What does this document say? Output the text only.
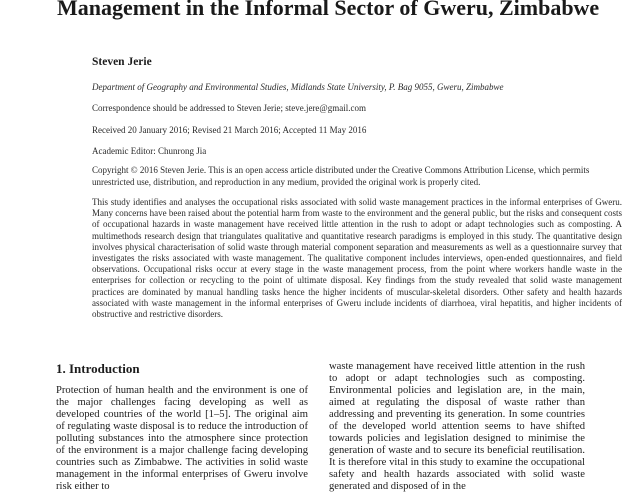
Management in the Informal Sector of Gweru, Zimbabwe
Steven Jerie
Department of Geography and Environmental Studies, Midlands State University, P. Bag 9055, Gweru, Zimbabwe
Correspondence should be addressed to Steven Jerie; steve.jere@gmail.com
Received 20 January 2016; Revised 21 March 2016; Accepted 11 May 2016
Academic Editor: Chunrong Jia
Copyright © 2016 Steven Jerie. This is an open access article distributed under the Creative Commons Attribution License, which permits unrestricted use, distribution, and reproduction in any medium, provided the original work is properly cited.
This study identifies and analyses the occupational risks associated with solid waste management practices in the informal enterprises of Gweru. Many concerns have been raised about the potential harm from waste to the environment and the general public, but the risks and consequent costs of occupational hazards in waste management have received little attention in the rush to adopt or adapt technologies such as composting. A multimethods research design that triangulates qualitative and quantitative research paradigms is employed in this study. The quantitative design involves physical characterisation of solid waste through material component separation and measurements as well as a questionnaire survey that investigates the risks associated with waste management. The qualitative component includes interviews, open-ended questionnaires, and field observations. Occupational risks occur at every stage in the waste management process, from the point where workers handle waste in the enterprises for collection or recycling to the point of ultimate disposal. Key findings from the study revealed that solid waste management practices are dominated by manual handling tasks hence the higher incidents of muscular-skeletal disorders. Other safety and health hazards associated with waste management in the informal enterprises of Gweru include incidents of diarrhoea, viral hepatitis, and higher incidents of obstructive and restrictive disorders.
1. Introduction
Protection of human health and the environment is one of the major challenges facing developing as well as developed countries of the world [1–5]. The original aim of regulating waste disposal is to reduce the introduction of polluting substances into the atmosphere since protection of the environment is a major challenge facing developing countries such as Zimbabwe. The activities in solid waste management in the informal enterprises of Gweru involve risk either to
waste management have received little attention in the rush to adopt or adapt technologies such as composting. Environmental policies and legislation are, in the main, aimed at regulating the disposal of waste rather than addressing and preventing its generation. In some countries of the developed world attention seems to have shifted towards policies and legislation designed to minimise the generation of waste and to secure its beneficial reutilisation. It is therefore vital in this study to examine the occupational safety and health hazards associated with solid waste generated and disposed of in the
